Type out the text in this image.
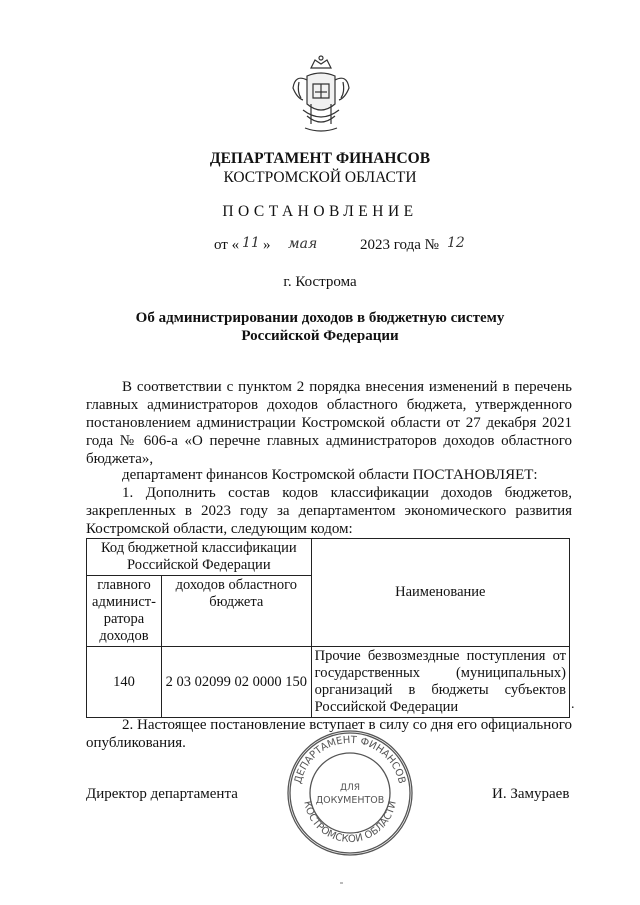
ДЕПАРТАМЕНТ ФИНАНСОВ
КОСТРОМСКОЙ ОБЛАСТИ
ПОСТАНОВЛЕНИЕ
от « 11 » мая	2023 года № 12
г. Кострома
Об администрировании доходов в бюджетную систему
Российской Федерации
В соответствии с пунктом 2 порядка внесения изменений в перечень главных администраторов доходов областного бюджета, утвержденного постановлением администрации Костромской области от 27 декабря 2021 года № 606-а «О перечне главных администраторов доходов областного бюджета»,
департамент финансов Костромской области ПОСТАНОВЛЯЕТ:
1. Дополнить состав кодов классификации доходов бюджетов, закрепленных в 2023 году за департаментом экономического развития Костромской области, следующим кодом:
Код бюджетной классификации Российской Федерации		Наименование
главного админист-ратора доходов	доходов областного бюджета	
140	2 03 02099 02 0000 150	Прочие безвозмездные поступления от государственных (муниципальных) организаций в бюджеты субъектов Российской Федерации	.
2. Настоящее постановление вступает в силу со дня его официального опубликования.
Директор департамента	И. Замураев
ДЕПАРТАМЕНТ ФИНАНСОВ
КОСТРОМСКОЙ ОБЛАСТИ
ДЛЯ
ДОКУМЕНТОВ
